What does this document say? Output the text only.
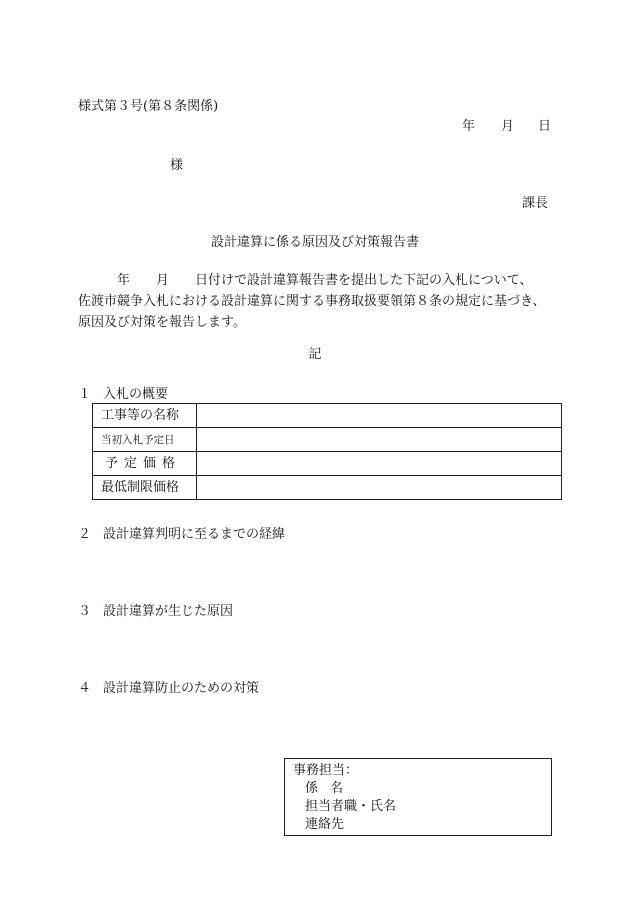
様式第３号(第８条関係)
年 月 日
様
課長
設計違算に係る原因及び対策報告書
年 月 日付けで設計違算報告書を提出した下記の入札について、
佐渡市競争入札における設計違算に関する事務取扱要領第８条の規定に基づき、
原因及び対策を報告します。
記
１ 入札の概要
工事等の名称	
当初入札予定日	
予定価格	
最低制限価格	
２ 設計違算判明に至るまでの経緯
３ 設計違算が生じた原因
４ 設計違算防止のための対策
事務担当：
係 名
担当者職・氏名
連絡先
